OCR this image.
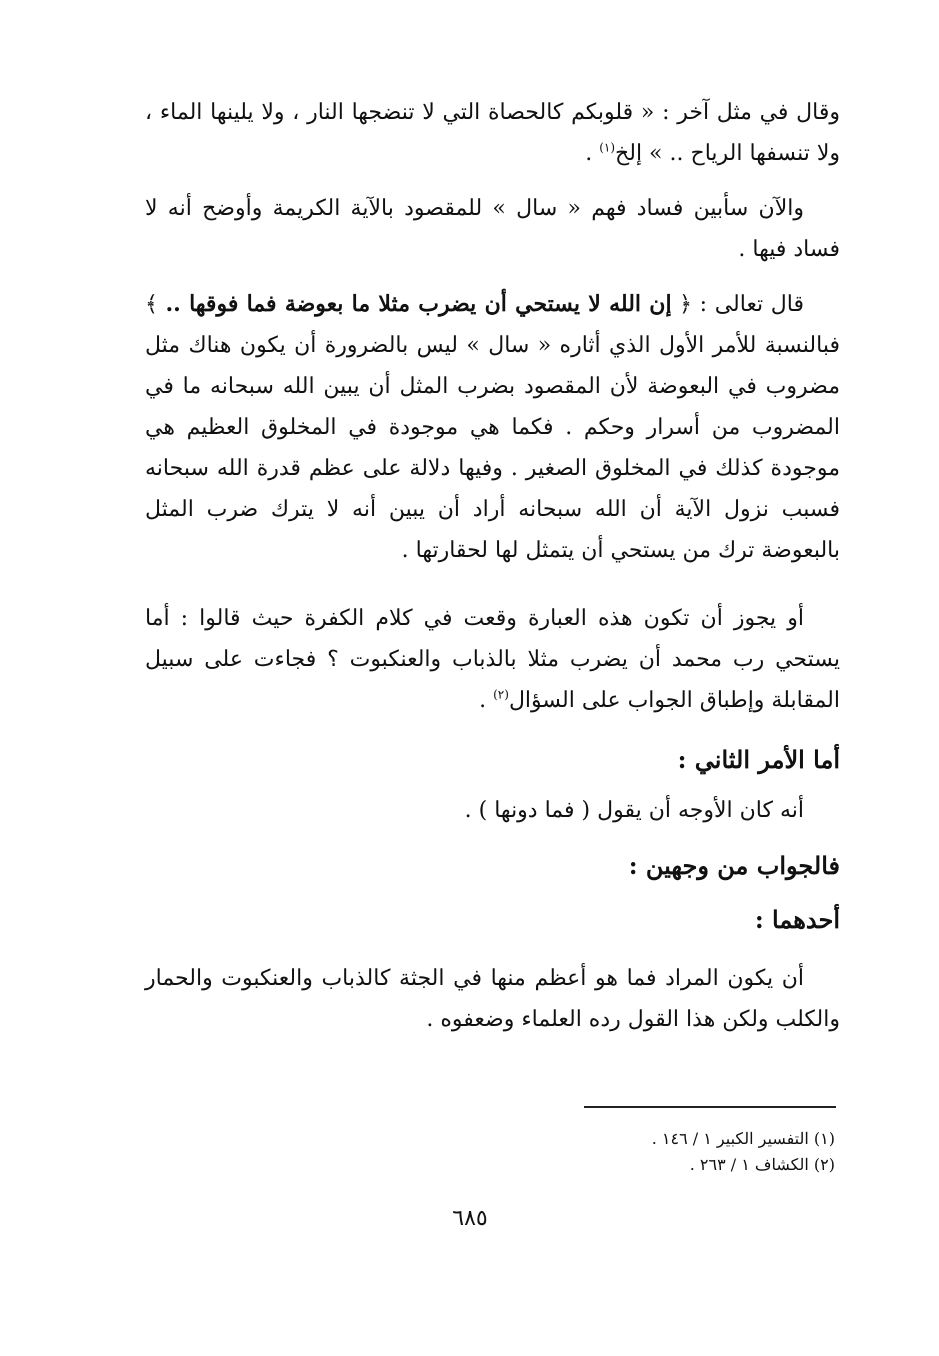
وقال في مثل آخر : « قلوبكم كالحصاة التي لا تنضجها النار ، ولا يلينها الماء ، ولا تنسفها الرياح .. » إلخ$^{(١)}$ .
والآن سأبين فساد فهم « سال » للمقصود بالآية الكريمة وأوضح أنه لا فساد فيها .
قال تعالى : ﴿ إن الله لا يستحي أن يضرب مثلا ما بعوضة فما فوقها .. ﴾ فبالنسبة للأمر الأول الذي أثاره « سال » ليس بالضرورة أن يكون هناك مثل مضروب في البعوضة لأن المقصود بضرب المثل أن يبين الله سبحانه ما في المضروب من أسرار وحكم . فكما هي موجودة في المخلوق العظيم هي موجودة كذلك في المخلوق الصغير . وفيها دلالة على عظم قدرة الله سبحانه فسبب نزول الآية أن الله سبحانه أراد أن يبين أنه لا يترك ضرب المثل بالبعوضة ترك من يستحي أن يتمثل لها لحقارتها .
أو يجوز أن تكون هذه العبارة وقعت في كلام الكفرة حيث قالوا : أما يستحي رب محمد أن يضرب مثلا بالذباب والعنكبوت ؟ فجاءت على سبيل المقابلة وإطباق الجواب على السؤال$^{(٢)}$ .
أما الأمر الثاني :
أنه كان الأوجه أن يقول ( فما دونها ) .
فالجواب من وجهين :
أحدهما :
أن يكون المراد فما هو أعظم منها في الجثة كالذباب والعنكبوت والحمار والكلب ولكن هذا القول رده العلماء وضعفوه .
(١) التفسير الكبير ١ / ١٤٦ .
(٢) الكشاف ١ / ٢٦٣ .
٦٨٥
